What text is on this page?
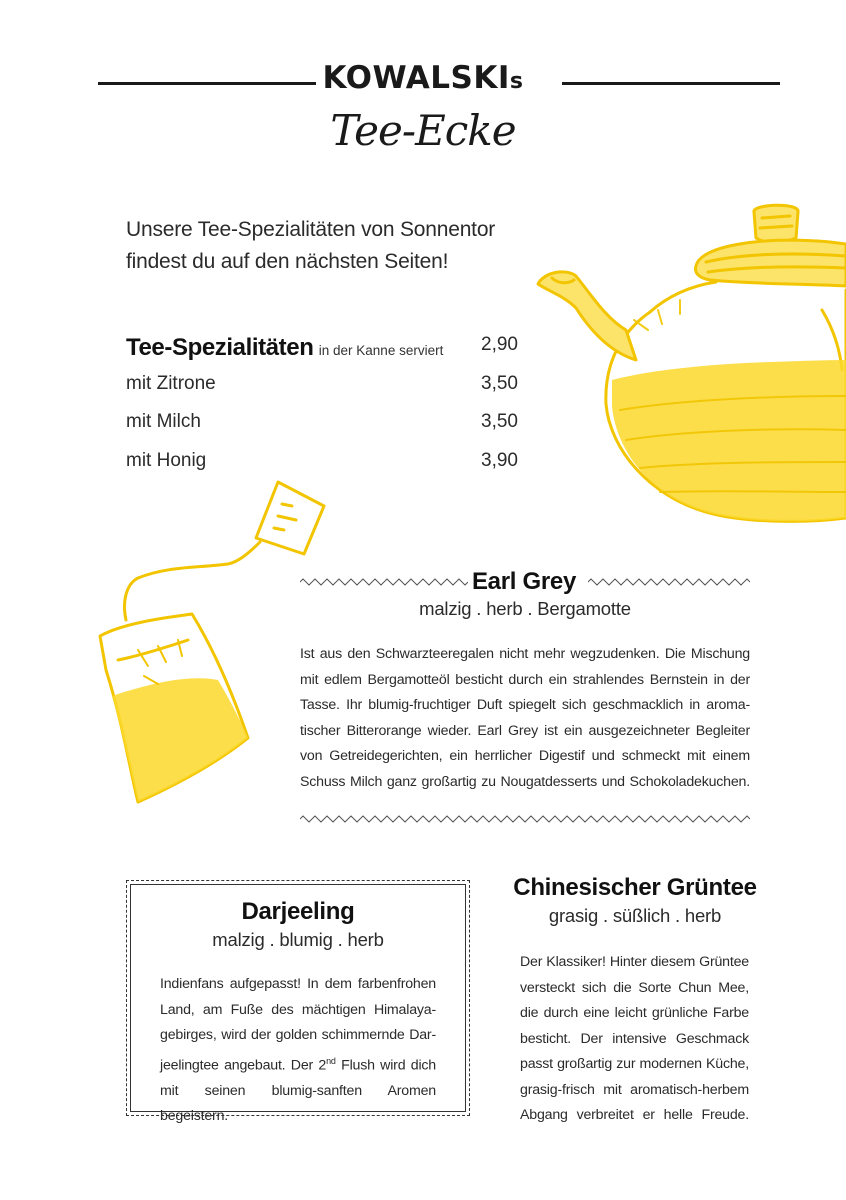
KOWALSKIs
Tee-Ecke
Unsere Tee-Spezialitäten von Sonnentor
findest du auf den nächsten Seiten!
Tee-Spezialitäten in der Kanne serviert 2,90
mit Zitrone	3,50
mit Milch	3,50
mit Honig	3,90
Earl Grey
malzig . herb . Bergamotte
Ist aus den Schwarzteeregalen nicht mehr wegzudenken. Die Mischung
mit edlem Bergamotteöl besticht durch ein strahlendes Bernstein in der
Tasse. Ihr blumig-fruchtiger Duft spiegelt sich geschmacklich in aroma-
tischer Bitterorange wieder. Earl Grey ist ein ausgezeichneter Begleiter
von Getreidegerichten, ein herrlicher Digestif und schmeckt mit einem
Schuss Milch ganz großartig zu Nougatdesserts und Schokoladekuchen.
Darjeeling
malzig . blumig . herb
Indienfans aufgepasst! In dem farbenfrohen
Land, am Fuße des mächtigen Himalaya-
gebirges, wird der golden schimmernde Dar-
jeelingtee angebaut. Der 2nd Flush wird dich
mit seinen blumig-sanften Aromen begeistern.
Chinesischer Grüntee
grasig . süßlich . herb
Der Klassiker! Hinter diesem Grüntee
versteckt sich die Sorte Chun Mee,
die durch eine leicht grünliche Farbe
besticht. Der intensive Geschmack
passt großartig zur modernen Küche,
grasig-frisch mit aromatisch-herbem
Abgang verbreitet er helle Freude.
